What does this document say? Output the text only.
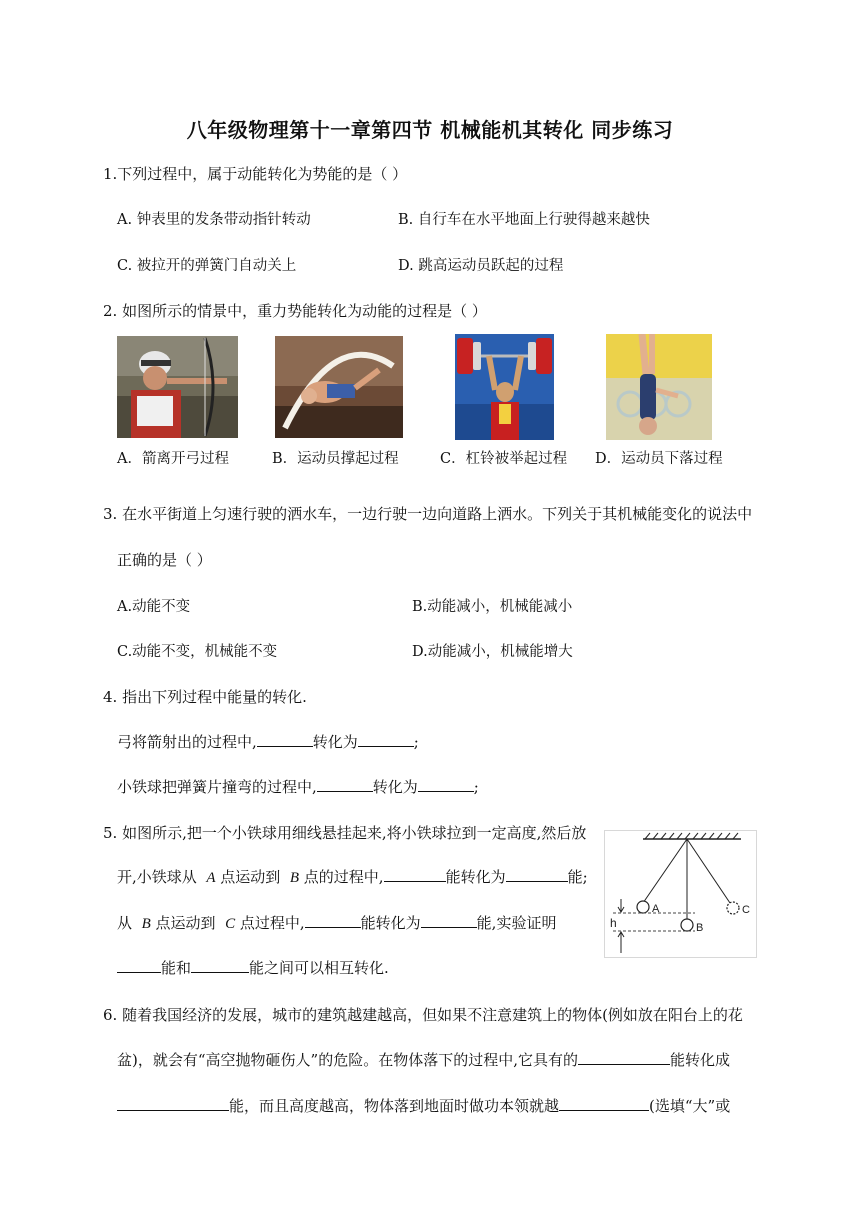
八年级物理第十一章第四节 机械能机其转化 同步练习
1.下列过程中，属于动能转化为势能的是（ ）
A. 钟表里的发条带动指针转动	B. 自行车在水平地面上行驶得越来越快
C. 被拉开的弹簧门自动关上	D. 跳高运动员跃起的过程
2. 如图所示的情景中，重力势能转化为动能的过程是（ ）
A．箭离开弓过程	B．运动员撑起过程	C．杠铃被举起过程 D．运动员下落过程
3. 在水平街道上匀速行驶的洒水车，一边行驶一边向道路上洒水。下列关于其机械能变化的说法中
正确的是（ ）
A.动能不变	B.动能减小，机械能减小
C.动能不变，机械能不变	D.动能减小，机械能增大
4. 指出下列过程中能量的转化.
弓将箭射出的过程中,	转化为	;
小铁球把弹簧片撞弯的过程中,	转化为	;
5. 如图所示,把一个小铁球用细线悬挂起来,将小铁球拉到一定高度,然后放
开,小铁球从 A 点运动到 B 点的过程中,	能转化为	能;
从 B 点运动到 C 点过程中,	能转化为	能,实验证明
能和	能之间可以相互转化.
A
B
C
h
6. 随着我国经济的发展，城市的建筑越建越高，但如果不注意建筑上的物体(例如放在阳台上的花
盆)，就会有“高空抛物砸伤人”的危险。在物体落下的过程中,它具有的	能转化成
能，而且高度越高，物体落到地面时做功本领就越	(选填“大”或
